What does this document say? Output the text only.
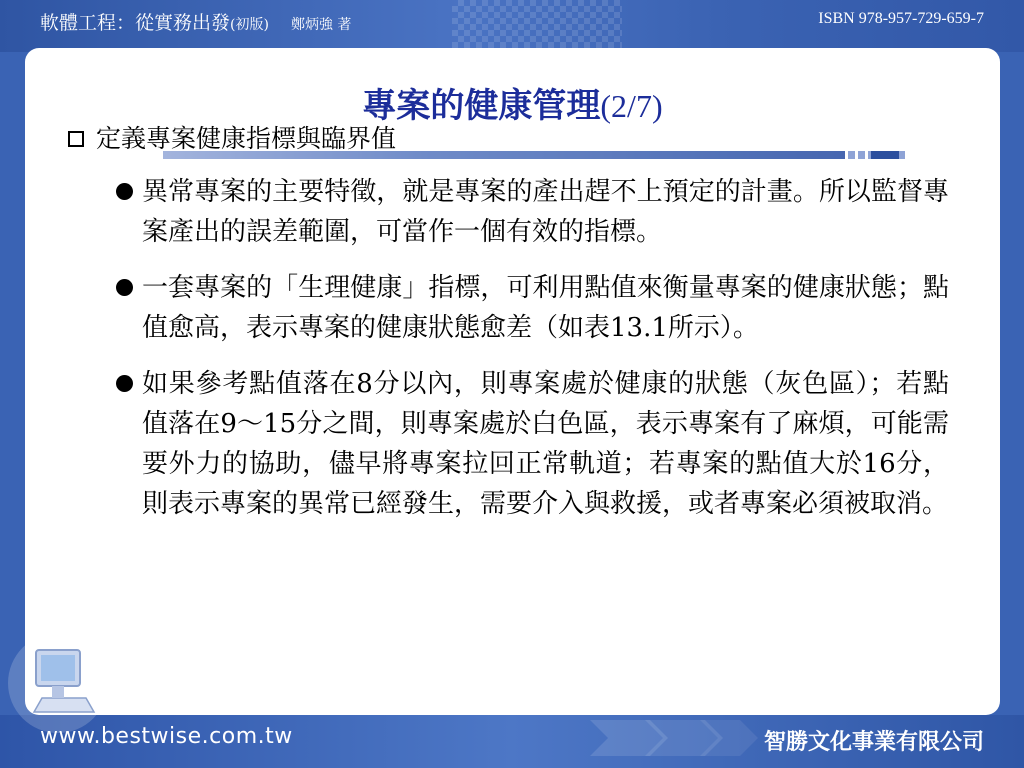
軟體工程：從實務出發(初版) 鄭炳強 著	ISBN 978-957-729-659-7
專案的健康管理(2/7)
定義專案健康指標與臨界值
異常專案的主要特徵，就是專案的產出趕不上預定的計畫。所以監督專案產出的誤差範圍，可當作一個有效的指標。
一套專案的「生理健康」指標，可利用點值來衡量專案的健康狀態；點值愈高，表示專案的健康狀態愈差（如表13.1所示）。
如果參考點值落在8分以內，則專案處於健康的狀態（灰色區）；若點值落在9～15分之間，則專案處於白色區，表示專案有了麻煩，可能需要外力的協助，儘早將專案拉回正常軌道；若專案的點值大於16分，則表示專案的異常已經發生，需要介入與救援，或者專案必須被取消。
www.bestwise.com.tw	智勝文化事業有限公司
